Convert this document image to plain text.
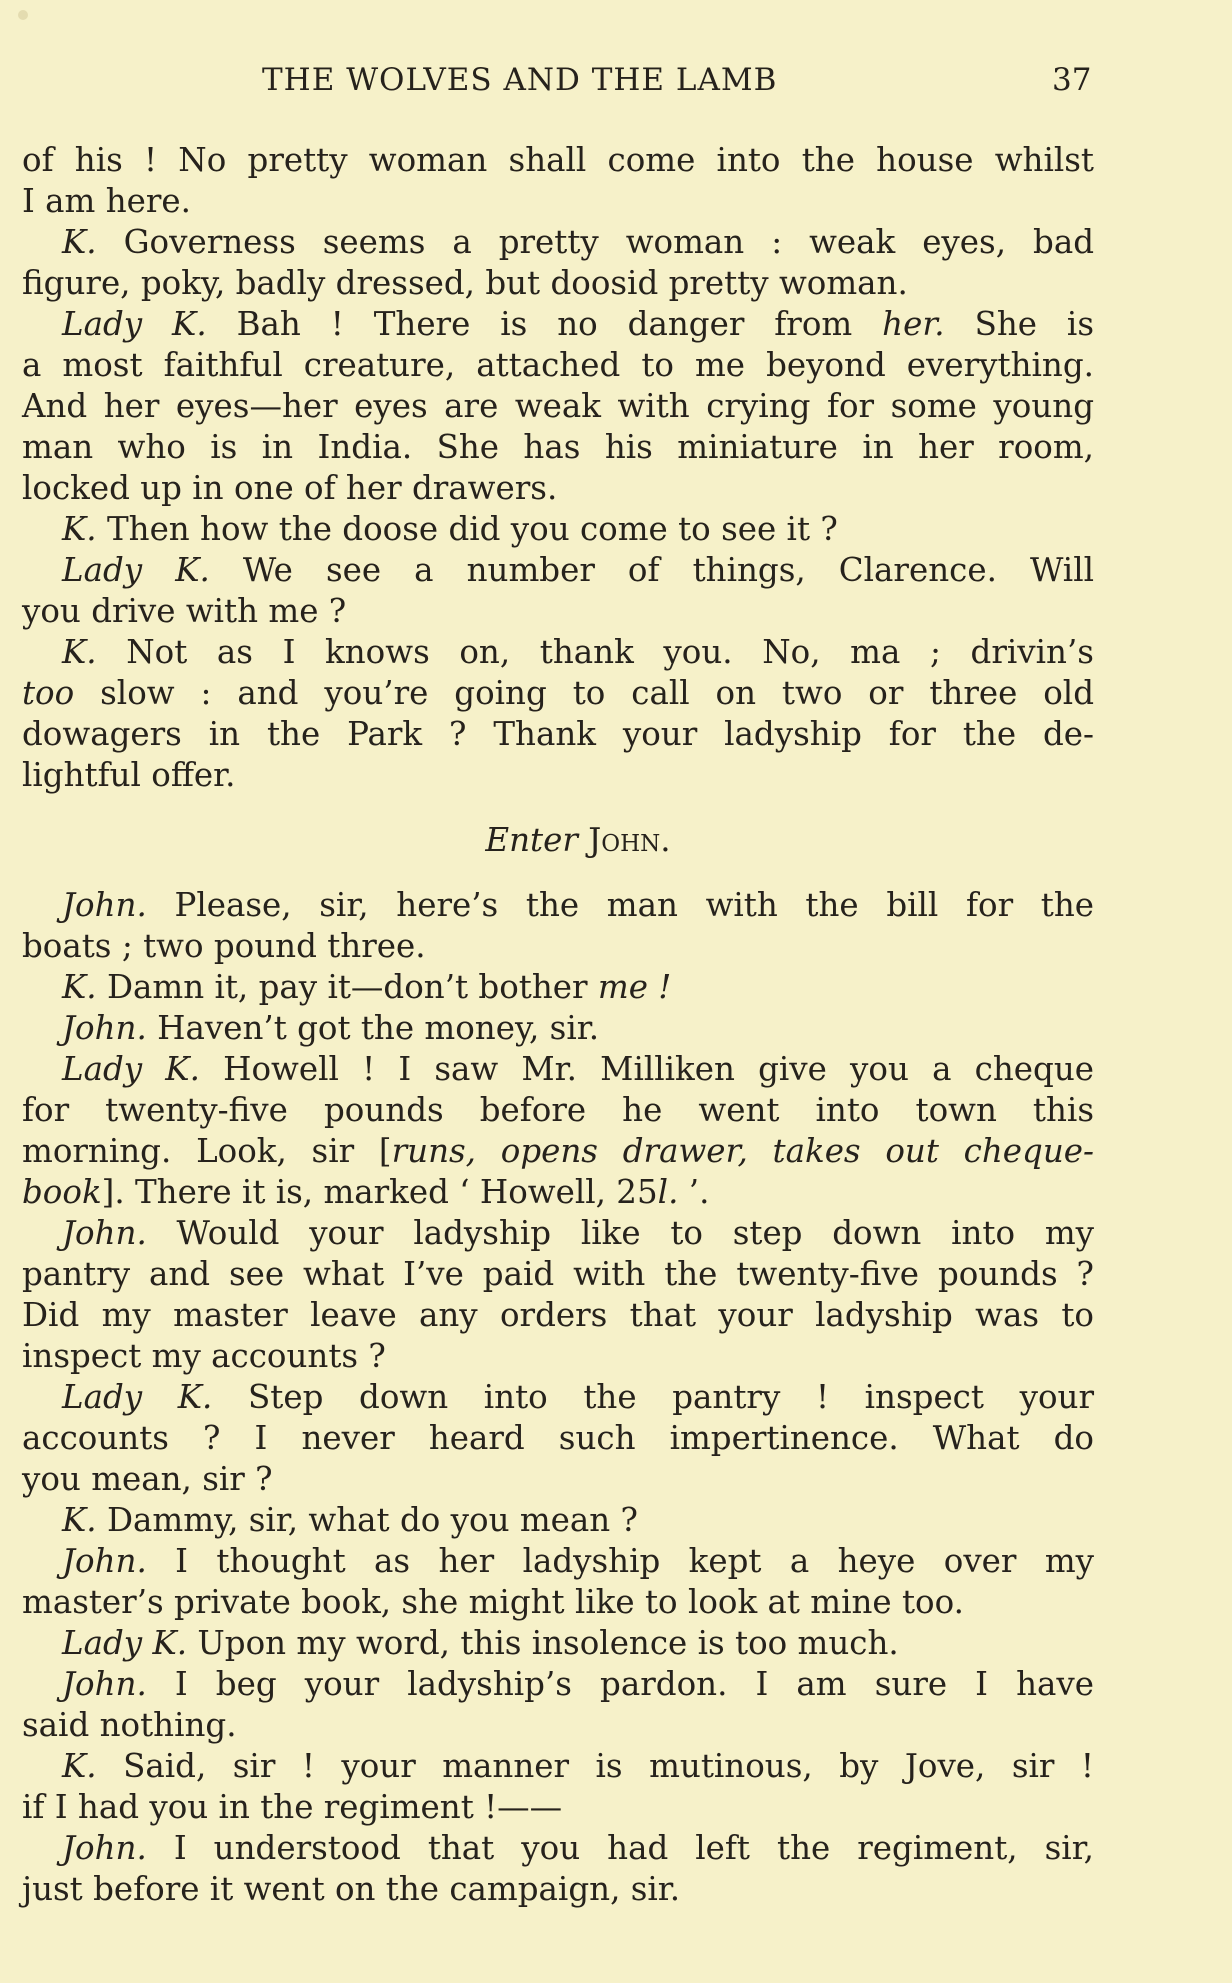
THE WOLVES AND THE LAMB	37
of his ! No pretty woman shall come into the house whilst
I am here.
K. Governess seems a pretty woman : weak eyes, bad
figure, poky, badly dressed, but doosid pretty woman.
Lady K. Bah ! There is no danger from her. She is
a most faithful creature, attached to me beyond everything.
And her eyes—her eyes are weak with crying for some young
man who is in India. She has his miniature in her room,
locked up in one of her drawers.
K. Then how the doose did you come to see it ?
Lady K. We see a number of things, Clarence. Will
you drive with me ?
K. Not as I knows on, thank you. No, ma ; drivin’s
too slow : and you’re going to call on two or three old
dowagers in the Park ? Thank your ladyship for the de-
lightful offer.
Enter John.
John. Please, sir, here’s the man with the bill for the
boats ; two pound three.
K. Damn it, pay it—don’t bother me !
John. Haven’t got the money, sir.
Lady K. Howell ! I saw Mr. Milliken give you a cheque
for twenty-five pounds before he went into town this
morning. Look, sir [runs, opens drawer, takes out cheque-
book]. There it is, marked ‘ Howell, 25l. ’.
John. Would your ladyship like to step down into my
pantry and see what I’ve paid with the twenty-five pounds ?
Did my master leave any orders that your ladyship was to
inspect my accounts ?
Lady K. Step down into the pantry ! inspect your
accounts ? I never heard such impertinence. What do
you mean, sir ?
K. Dammy, sir, what do you mean ?
John. I thought as her ladyship kept a heye over my
master’s private book, she might like to look at mine too.
Lady K. Upon my word, this insolence is too much.
John. I beg your ladyship’s pardon. I am sure I have
said nothing.
K. Said, sir ! your manner is mutinous, by Jove, sir !
if I had you in the regiment !——
John. I understood that you had left the regiment, sir,
just before it went on the campaign, sir.
